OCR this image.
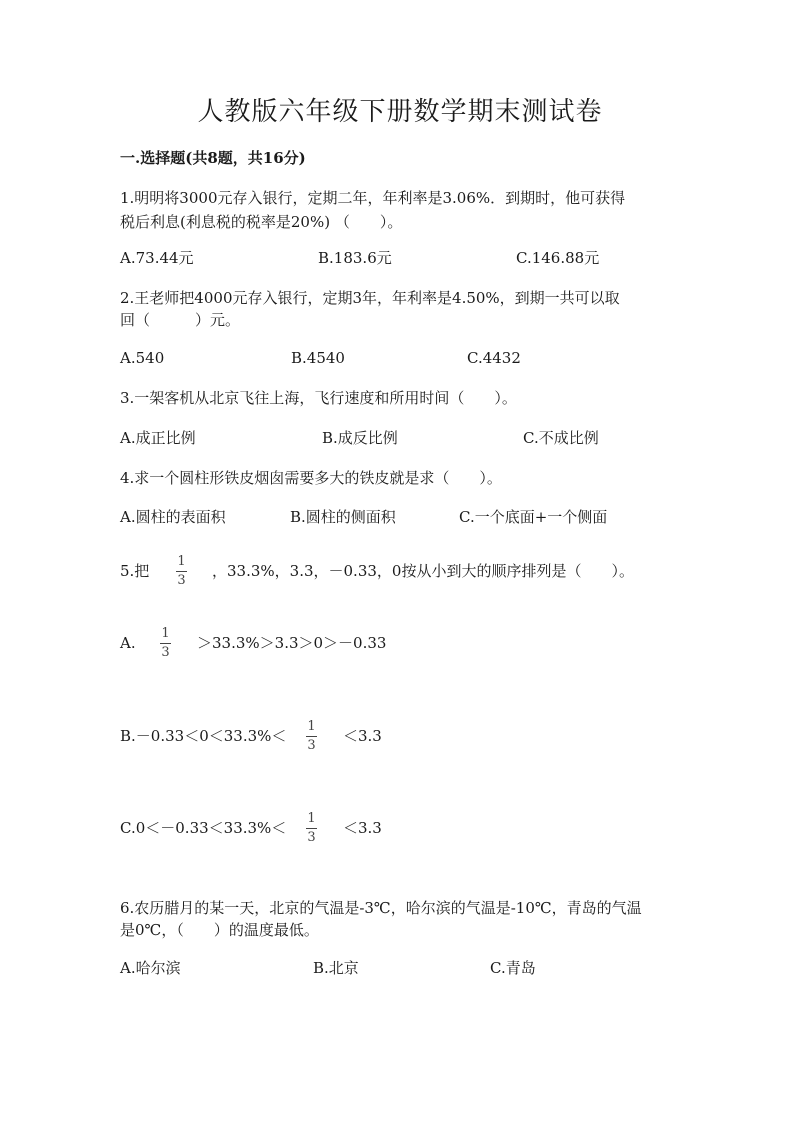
人教版六年级下册数学期末测试卷
一.选择题(共8题，共16分)
1.明明将3000元存入银行，定期二年，年利率是3.06%．到期时，他可获得
税后利息(利息税的税率是20%) （　　）。
A.73.44元	B.183.6元	C.146.88元
2.王老师把4000元存入银行，定期3年，年利率是4.50%，到期一共可以取
回（　　　）元。
A.540	B.4540	C.4432
3.一架客机从北京飞往上海，飞行速度和所用时间（　　）。
A.成正比例	B.成反比例	C.不成比例
4.求一个圆柱形铁皮烟囱需要多大的铁皮就是求（　　）。
A.圆柱的表面积	B.圆柱的侧面积	C.一个底面+一个侧面
5.把
1
3
，33.3%，3.3，－0.33，0按从小到大的顺序排列是（　　）。
A.
1
3
＞33.3%＞3.3＞0＞－0.33
B.－0.33＜0＜33.3%＜
1
3
＜3.3
C.0＜－0.33＜33.3%＜
1
3
＜3.3
6.农历腊月的某一天，北京的气温是-3℃，哈尔滨的气温是-10℃，青岛的气温
是0℃，（　　）的温度最低。
A.哈尔滨	B.北京	C.青岛
